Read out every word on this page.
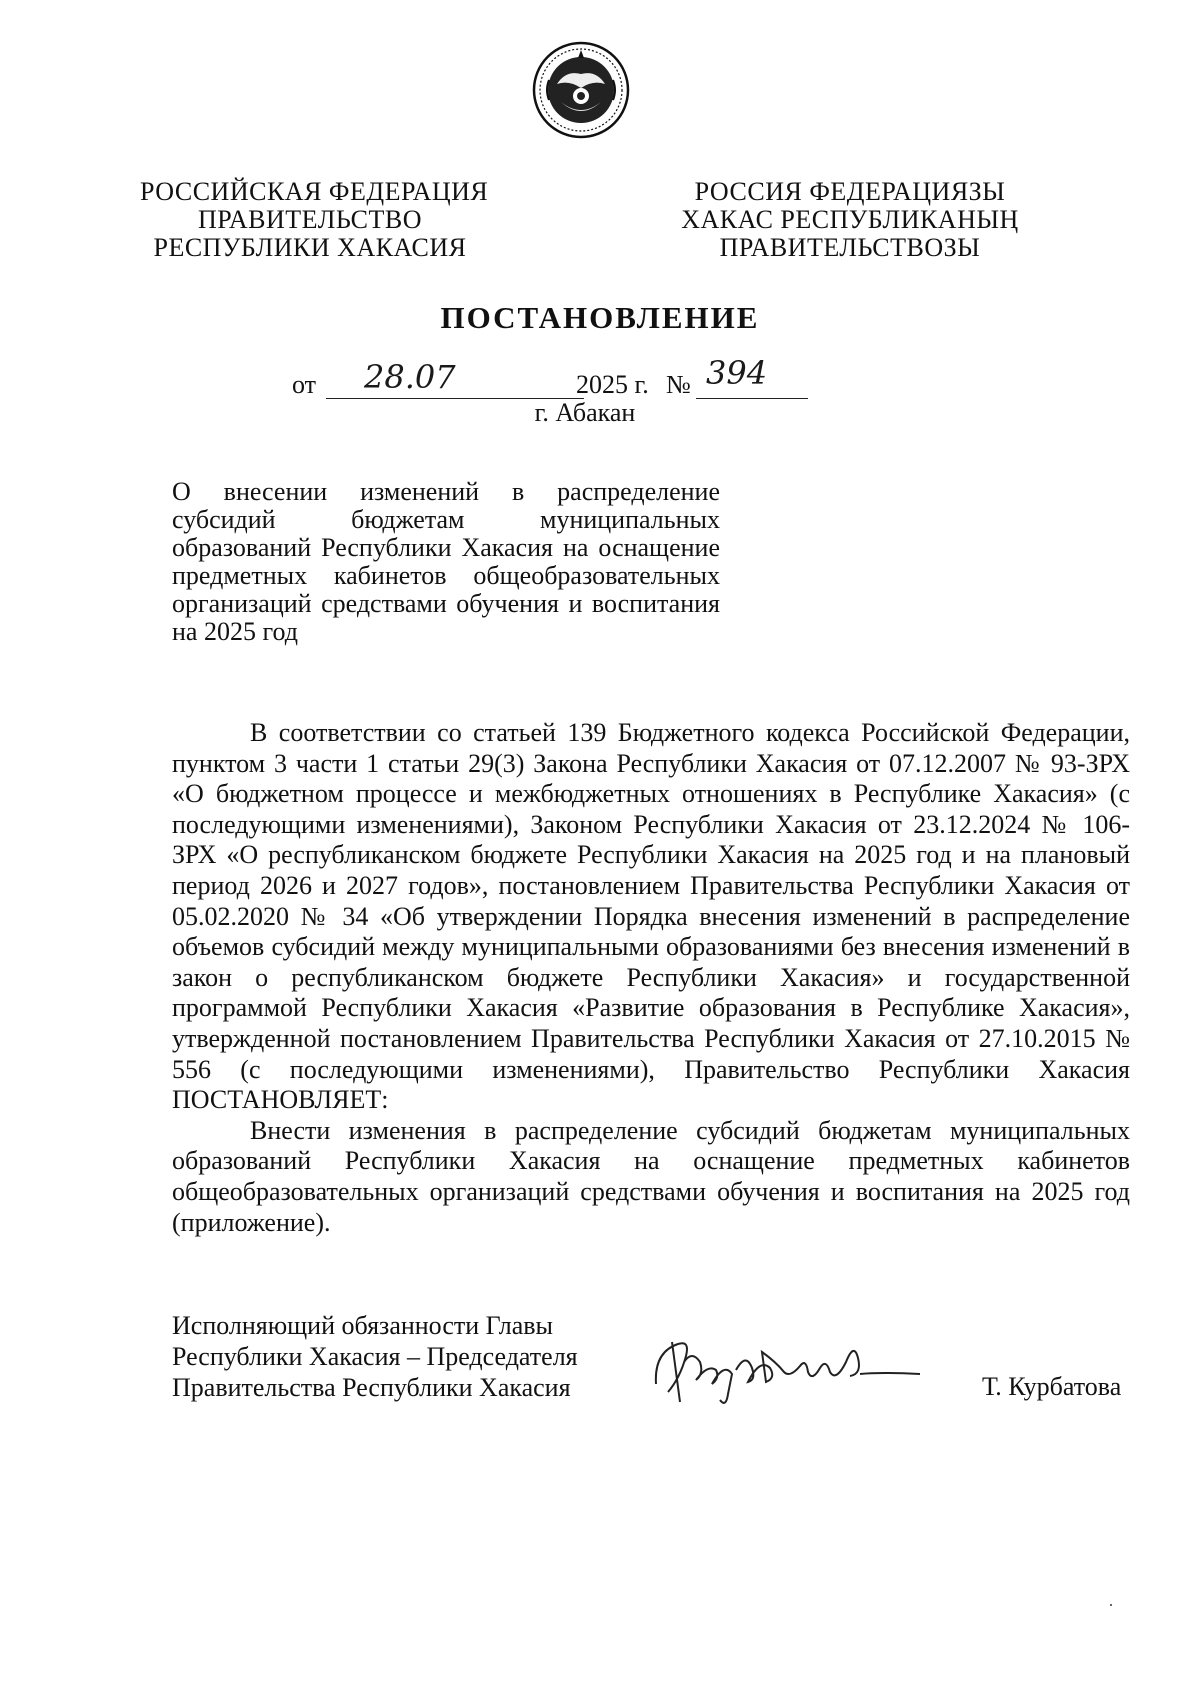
РОССИЙСКАЯ ФЕДЕРАЦИЯ
ПРАВИТЕЛЬСТВО
РЕСПУБЛИКИ ХАКАСИЯ
РОССИЯ ФЕДЕРАЦИЯЗЫ
ХАКАС РЕСПУБЛИКАНЫҢ
ПРАВИТЕЛЬСТВОЗЫ
ПОСТАНОВЛЕНИЕ
от 28.07	2025 г. № 394
г. Абакан
О внесении изменений в распределение
субсидий бюджетам муниципальных
образований Республики Хакасия на оснащение
предметных кабинетов общеобразовательных
организаций средствами обучения и воспитания
на 2025 год

В соответствии со статьей 139 Бюджетного кодекса Российской Федерации, пунктом 3 части 1 статьи 29(3) Закона Республики Хакасия от 07.12.2007 № 93-ЗРХ «О бюджетном процессе и межбюджетных отношениях в Республике Хакасия» (с последующими изменениями), Законом Республики Хакасия от 23.12.2024 № 106-ЗРХ «О республиканском бюджете Республики Хакасия на 2025 год и на плановый период 2026 и 2027 годов», постановлением Правительства Республики Хакасия от 05.02.2020 № 34 «Об утверждении Порядка внесения изменений в распределение объемов субсидий между муниципальными образованиями без внесения изменений в закон о республиканском бюджете Республики Хакасия» и государственной программой Республики Хакасия «Развитие образования в Республике Хакасия», утвержденной постановлением Правительства Республики Хакасия от 27.10.2015 № 556 (с последующими изменениями), Правительство Республики Хакасия ПОСТАНОВЛЯЕТ:

Внести изменения в распределение субсидий бюджетам муниципальных образований Республики Хакасия на оснащение предметных кабинетов общеобразовательных организаций средствами обучения и воспитания на 2025 год (приложение).

Исполняющий обязанности Главы
Республики Хакасия – Председателя
Правительства Республики Хакасия	Т. Курбатова
